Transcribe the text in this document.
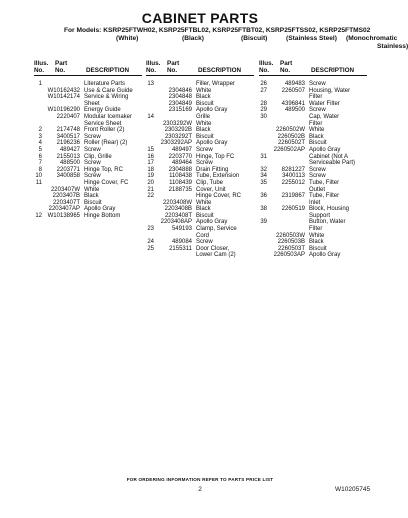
CABINET PARTS
For Models: KSRP25FTWH02, KSRP25FTBL02, KSRP25FTBT02, KSRP25FTSS02, KSRP25FTMS02
(White)	(Black)	(Biscuit)	(Stainless Steel) (Monochromatic
Stainless)
Illus.
No.
Part
No.	DESCRIPTION
1	Literature Parts
W10162432 Use & Care Guide
W10142174 Service & Wiring
Sheet
W10196290 Energy Guide
2220407 Modular Icemaker
Service Sheet
2	2174748 Front Roller (2)
3	3400517 Screw
4	2196236 Roller (Rear) (2)
5	489427 Screw
6	2155013 Clip, Grille
7	488500 Screw
8	2203771 Hinge Top, RC
10	3400858 Screw
11	Hinge Cover, FC
2203407W White
2203407B Black
2203407T Biscuit
2203407AP Apollo Gray
12 W10138965 Hinge Bottom
Illus.
No.
Part
No.	DESCRIPTION
13	Filler, Wrapper
2304846 White
2304848 Black
2304849 Biscuit
2315169 Apollo Gray
14	Grille
2303292W White
2303292B Black
2303292T Biscuit
2303292AP Apollo Gray
15	489497 Screw
16	2203770 Hinge, Top FC
17	489464 Screw
18	2304888 Drain Fitting
19	1108438 Tube, Extension
20	1108439 Clip, Tube
21	2188735 Cover, Unit
22	Hinge Cover, RC
2203408W White
2203408B Black
2203408T Biscuit
2203408AP Apollo Gray
23	549193 Clamp, Service
Cord
24	489084 Screw
25	2155311 Door Closer,
Lower Cam (2)
Illus.
No.
Part
No.	DESCRIPTION
26	489483 Screw
27	2260507 Housing, Water
Filter
28	4396841 Water Filter
29	489500 Screw
30	Cap, Water
Filter
2260502W White
2260502B Black
2260502T Biscuit
2260502AP Apollo Gray
31	Cabinet (Not A
Serviceable Part)
32	8281227 Screw
34	3400113 Screw
35	2255012 Tube, Filter
Outlet
36	2319867 Tube, Filter
Inlet
38	2260519 Block, Housing
Support
39	Button, Water
Filter
2260503W White
2260503B Black
2260503T Biscuit
2260503AP Apollo Gray
FOR ORDERING INFORMATION REFER TO PARTS PRICE LIST
2	W10205745
